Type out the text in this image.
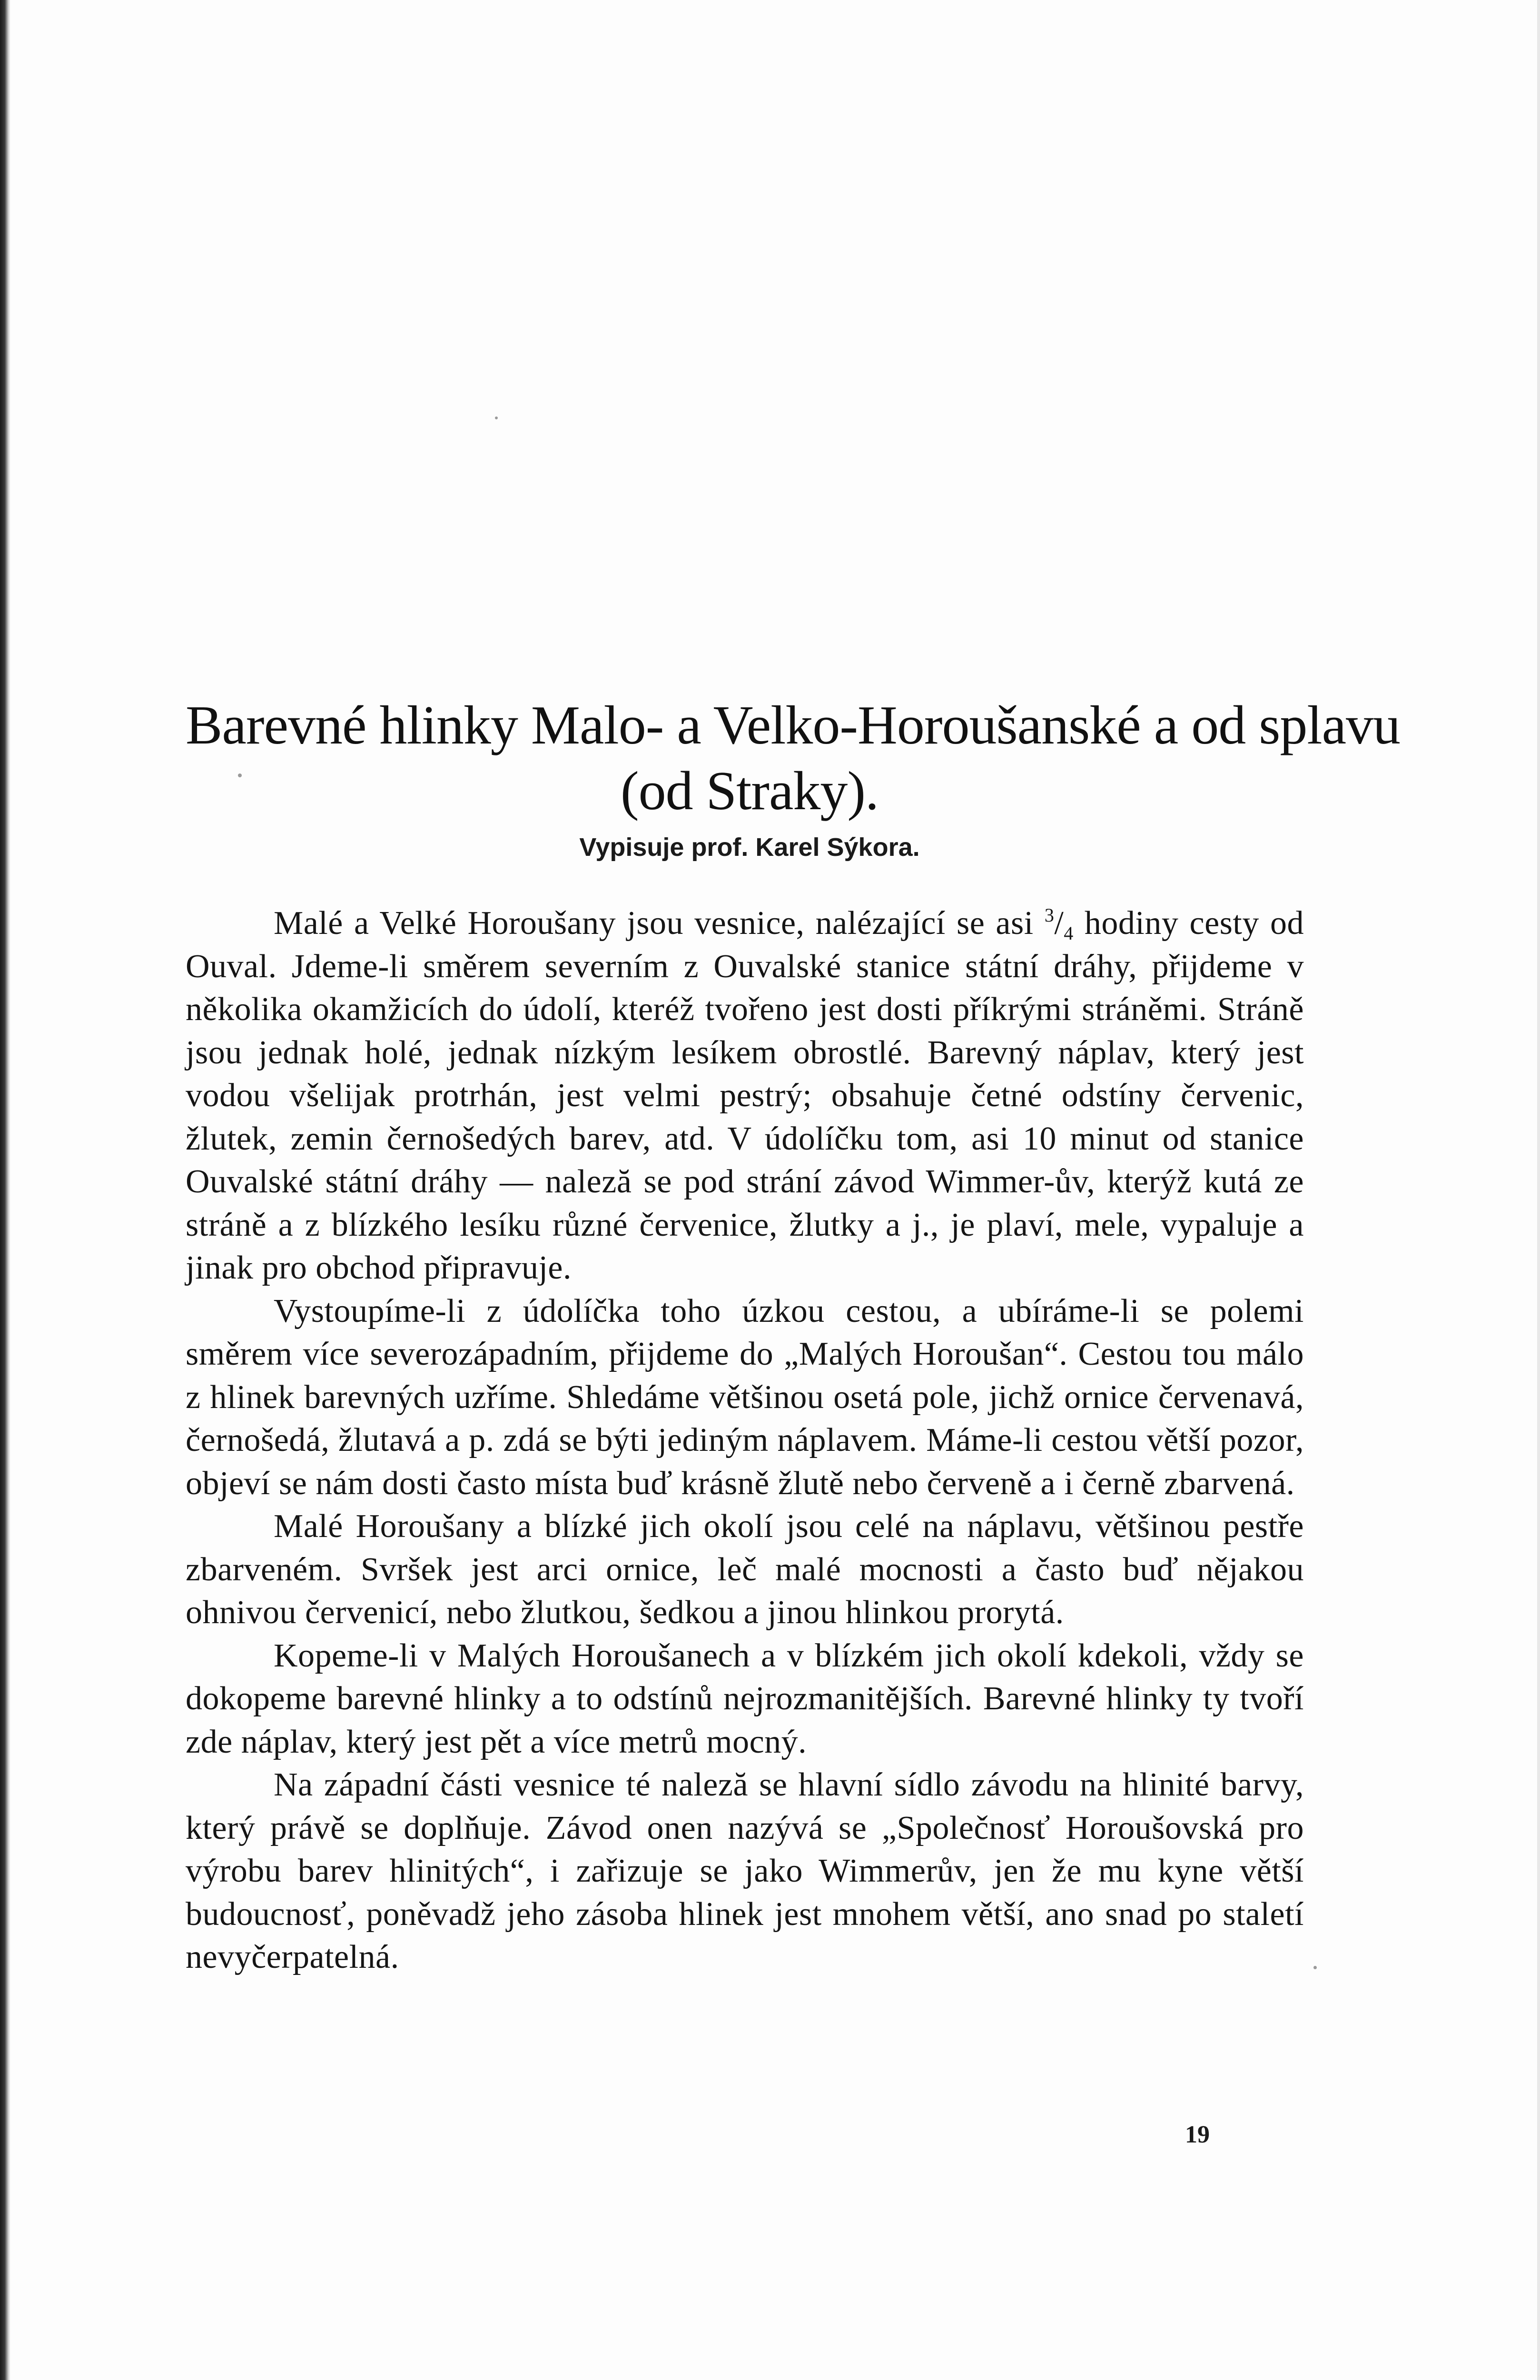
Barevné hlinky Malo- a Velko-Horoušanské a od splavu
(od Straky).
Vypisuje prof. Karel Sýkora.

Malé a Velké Horoušany jsou vesnice, nalézající se asi $^3/_4$ hodiny cesty od Ouval. Jdeme-li směrem severním z Ouvalské stanice státní dráhy, přijdeme v několika okamžicích do údolí, kteréž tvořeno jest dosti příkrými stráněmi. Stráně jsou jednak holé, jednak nízkým lesíkem obrostlé. Barevný náplav, který jest vodou všelijak protrhán, jest velmi pestrý; obsahuje četné odstíny červenic, žlutek, zemin černošedých barev, atd. V údolíčku tom, asi 10 minut od stanice Ouvalské státní dráhy — naleză se pod strání závod Wimmer-ův, kterýž kutá ze stráně a z blízkého lesíku různé červenice, žlutky a j., je plaví, mele, vypaluje a jinak pro obchod připravuje.

Vystoupíme-li z údolíčka toho úzkou cestou, a ubíráme-li se polemi směrem více severozápadním, přijdeme do „Malých Horoušan“. Cestou tou málo z hlinek barevných uzříme. Shledáme většinou osetá pole, jichž ornice červenavá, černošedá, žlutavá a p. zdá se býti jediným náplavem. Máme-li cestou větší pozor, objeví se nám dosti často místa buď krásně žlutě nebo červeně a i černě zbarvená.

Malé Horoušany a blízké jich okolí jsou celé na náplavu, většinou pestře zbarveném. Svršek jest arci ornice, leč malé mocnosti a často buď nějakou ohnivou červenicí, nebo žlutkou, šedkou a jinou hlinkou prorytá.

Kopeme-li v Malých Horoušanech a v blízkém jich okolí kdekoli, vždy se dokopeme barevné hlinky a to odstínů nejrozmanitějších. Barevné hlinky ty tvoří zde náplav, který jest pět a více metrů mocný.

Na západní části vesnice té naleză se hlavní sídlo závodu na hlinité barvy, který právě se doplňuje. Závod onen nazývá se „Společnosť Horoušovská pro výrobu barev hlinitých“, i zařizuje se jako Wimmerův, jen že mu kyne větší budoucnosť, poněvadž jeho zásoba hlinek jest mnohem větší, ano snad po staletí nevyčerpatelná.

19
